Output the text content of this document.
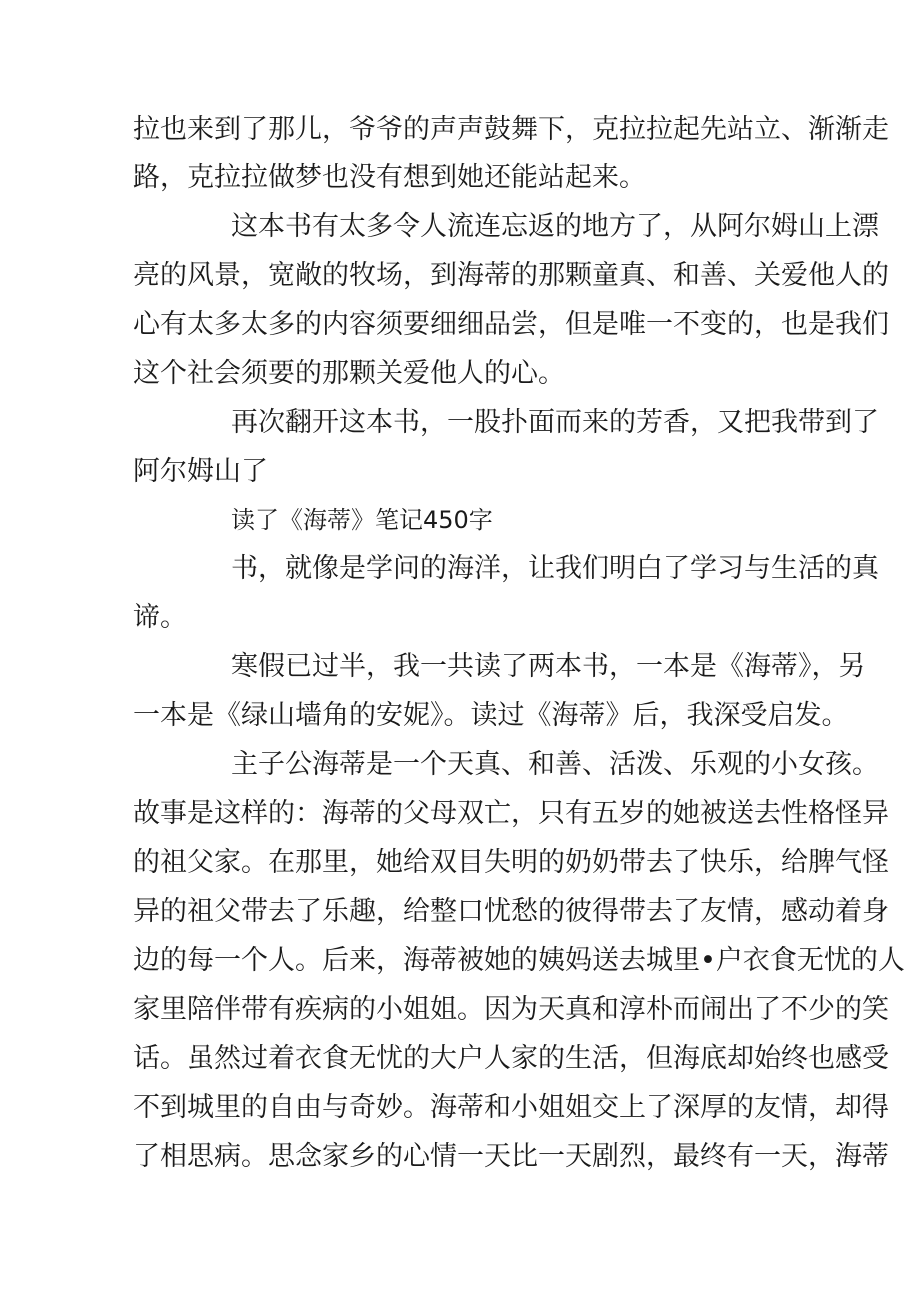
拉也来到了那儿，爷爷的声声鼓舞下，克拉拉起先站立、渐渐走

路，克拉拉做梦也没有想到她还能站起来。

这本书有太多令人流连忘返的地方了，从阿尔姆山上漂

亮的风景，宽敞的牧场，到海蒂的那颗童真、和善、关爱他人的

心有太多太多的内容须要细细品尝，但是唯一不变的，也是我们

这个社会须要的那颗关爱他人的心。

再次翻开这本书，一股扑面而来的芳香，又把我带到了

阿尔姆山了

读了《海蒂》笔记450字

书，就像是学问的海洋，让我们明白了学习与生活的真

谛。

寒假已过半，我一共读了两本书，一本是《海蒂》，另

一本是《绿山墙角的安妮》。读过《海蒂》后，我深受启发。

主子公海蒂是一个天真、和善、活泼、乐观的小女孩。

故事是这样的：海蒂的父母双亡，只有五岁的她被送去性格怪异

的祖父家。在那里，她给双目失明的奶奶带去了快乐，给脾气怪

异的祖父带去了乐趣，给整口忧愁的彼得带去了友情，感动着身

边的每一个人。后来，海蒂被她的姨妈送去城里•户衣食无忧的人

家里陪伴带有疾病的小姐姐。因为天真和淳朴而闹出了不少的笑

话。虽然过着衣食无忧的大户人家的生活，但海底却始终也感受

不到城里的自由与奇妙。海蒂和小姐姐交上了深厚的友情，却得

了相思病。思念家乡的心情一天比一天剧烈，最终有一天，海蒂
